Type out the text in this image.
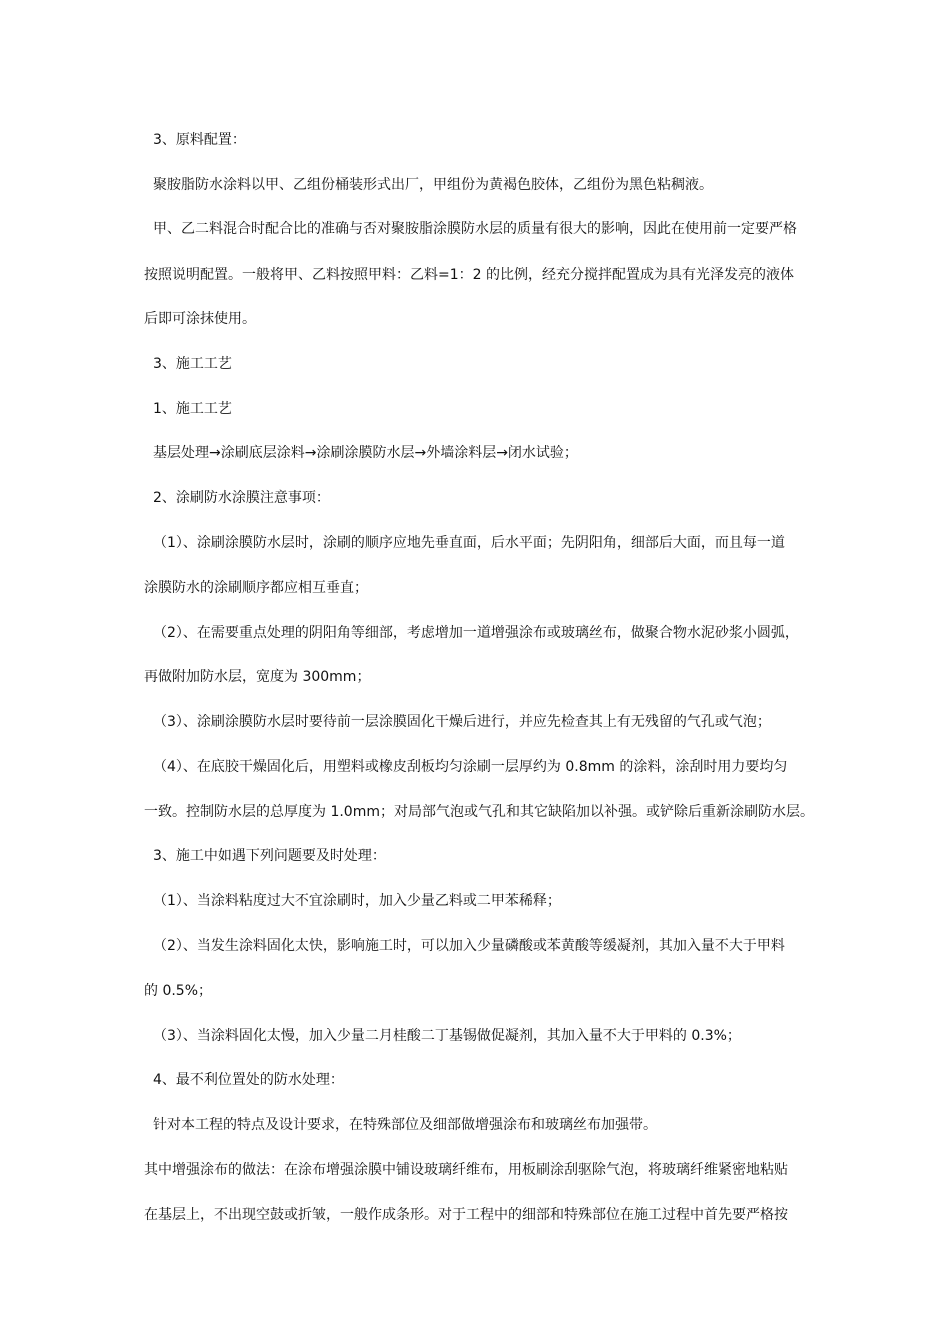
3、原料配置：
聚胺脂防水涂料以甲、乙组份桶装形式出厂，甲组份为黄褐色胶体，乙组份为黑色粘稠液。
甲、乙二料混合时配合比的准确与否对聚胺脂涂膜防水层的质量有很大的影响，因此在使用前一定要严格
按照说明配置。一般将甲、乙料按照甲料：乙料=1：2 的比例，经充分搅拌配置成为具有光泽发亮的液体
后即可涂抹使用。
3、施工工艺
1、施工工艺
基层处理→涂刷底层涂料→涂刷涂膜防水层→外墙涂料层→闭水试验；
2、涂刷防水涂膜注意事项：
（1）、涂刷涂膜防水层时，涂刷的顺序应地先垂直面，后水平面；先阴阳角，细部后大面，而且每一道
涂膜防水的涂刷顺序都应相互垂直；
（2）、在需要重点处理的阴阳角等细部，考虑增加一道增强涂布或玻璃丝布，做聚合物水泥砂浆小圆弧，
再做附加防水层，宽度为 300mm；
（3）、涂刷涂膜防水层时要待前一层涂膜固化干燥后进行，并应先检查其上有无残留的气孔或气泡；
（4）、在底胶干燥固化后，用塑料或橡皮刮板均匀涂刷一层厚约为 0.8mm 的涂料，涂刮时用力要均匀
一致。控制防水层的总厚度为 1.0mm；对局部气泡或气孔和其它缺陷加以补强。或铲除后重新涂刷防水层。
3、施工中如遇下列问题要及时处理：
（1）、当涂料粘度过大不宜涂刷时，加入少量乙料或二甲苯稀释；
（2）、当发生涂料固化太快，影响施工时，可以加入少量磷酸或苯黄酸等缓凝剂，其加入量不大于甲料
的 0.5%；
（3）、当涂料固化太慢，加入少量二月桂酸二丁基锡做促凝剂，其加入量不大于甲料的 0.3%；
4、最不利位置处的防水处理：
针对本工程的特点及设计要求，在特殊部位及细部做增强涂布和玻璃丝布加强带。
其中增强涂布的做法：在涂布增强涂膜中铺设玻璃纤维布，用板刷涂刮驱除气泡，将玻璃纤维紧密地粘贴
在基层上，不出现空鼓或折皱，一般作成条形。对于工程中的细部和特殊部位在施工过程中首先要严格按
